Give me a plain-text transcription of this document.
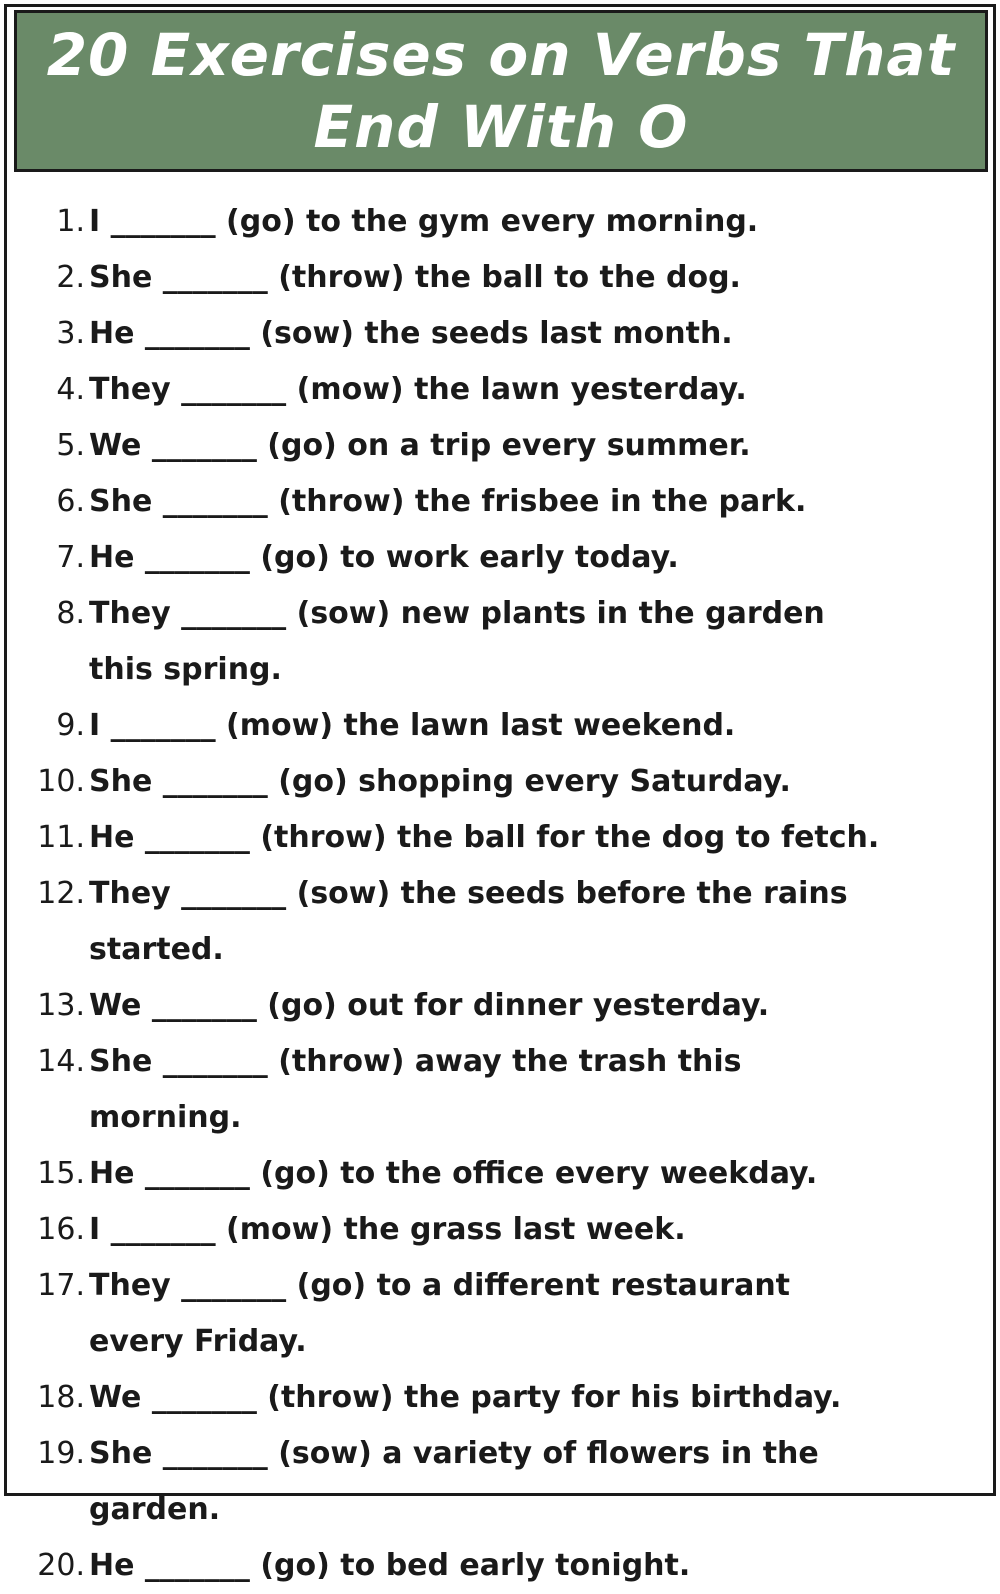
20 Exercises on Verbs That End With O
1. I _______ (go) to the gym every morning.
2. She _______ (throw) the ball to the dog.
3. He _______ (sow) the seeds last month.
4. They _______ (mow) the lawn yesterday.
5. We _______ (go) on a trip every summer.
6. She _______ (throw) the frisbee in the park.
7. He _______ (go) to work early today.
8. They _______ (sow) new plants in the garden this spring.
9. I _______ (mow) the lawn last weekend.
10. She _______ (go) shopping every Saturday.
11. He _______ (throw) the ball for the dog to fetch.
12. They _______ (sow) the seeds before the rains started.
13. We _______ (go) out for dinner yesterday.
14. She _______ (throw) away the trash this morning.
15. He _______ (go) to the office every weekday.
16. I _______ (mow) the grass last week.
17. They _______ (go) to a different restaurant every Friday.
18. We _______ (throw) the party for his birthday.
19. She _______ (sow) a variety of flowers in the garden.
20. He _______ (go) to bed early tonight.
